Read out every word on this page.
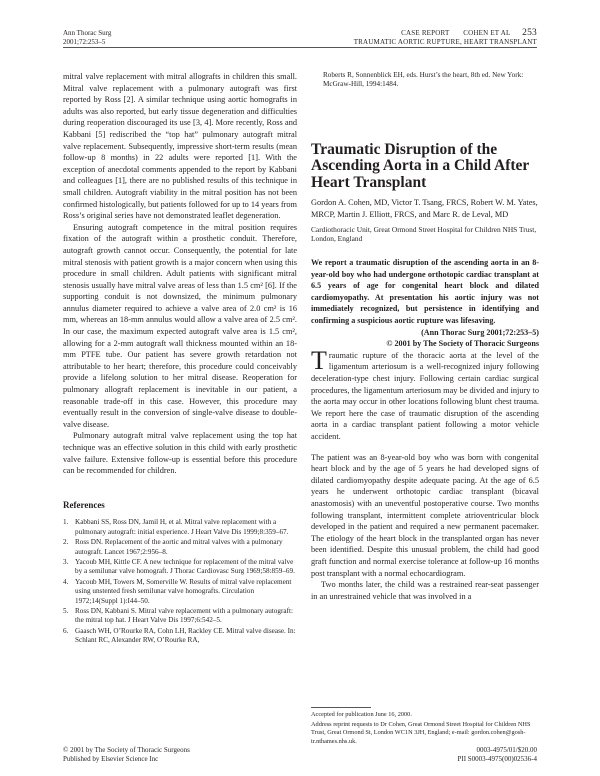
Ann Thorac Surg
2001;72:253–5
CASE REPORT COHEN ET AL 253
TRAUMATIC AORTIC RUPTURE, HEART TRANSPLANT

mitral valve replacement with mitral allografts in children this small. Mitral valve replacement with a pulmonary autograft was first reported by Ross [2]. A similar technique using aortic homografts in adults was also reported, but early tissue degeneration and difficulties during reoperation discouraged its use [3, 4]. More recently, Ross and Kabbani [5] rediscribed the “top hat” pulmonary autograft mitral valve replacement. Subsequently, impressive short-term results (mean follow-up 8 months) in 22 adults were reported [1]. With the exception of anecdotal comments appended to the report by Kabbani and colleagues [1], there are no published results of this technique in small children. Autograft viability in the mitral position has not been confirmed histologically, but patients followed for up to 14 years from Ross’s original series have not demonstrated leaflet degeneration.

Ensuring autograft competence in the mitral position requires fixation of the autograft within a prosthetic conduit. Therefore, autograft growth cannot occur. Consequently, the potential for late mitral stenosis with patient growth is a major concern when using this procedure in small children. Adult patients with significant mitral stenosis usually have mitral valve areas of less than 1.5 cm² [6]. If the supporting conduit is not downsized, the minimum pulmonary annulus diameter required to achieve a valve area of 2.0 cm² is 16 mm, whereas an 18-mm annulus would allow a valve area of 2.5 cm². In our case, the maximum expected autograft valve area is 1.5 cm², allowing for a 2-mm autograft wall thickness mounted within an 18-mm PTFE tube. Our patient has severe growth retardation not attributable to her heart; therefore, this procedure could conceivably provide a lifelong solution to her mitral disease. Reoperation for pulmonary allograft replacement is inevitable in our patient, a reasonable trade-off in this case. However, this procedure may eventually result in the conversion of single-valve disease to double-valve disease.

Pulmonary autograft mitral valve replacement using the top hat technique was an effective solution in this child with early prosthetic valve failure. Extensive follow-up is essential before this procedure can be recommended for children.

References
1. Kabbani SS, Ross DN, Jamil H, et al. Mitral valve replacement with a pulmonary autograft: initial experience. J Heart Valve Dis 1999;8:359–67.
2. Ross DN. Replacement of the aortic and mitral valves with a pulmonary autograft. Lancet 1967;2:956–8.
3. Yacoub MH, Kittle CF. A new technique for replacement of the mitral valve by a semilunar valve homograft. J Thorac Cardiovasc Surg 1969;58:859–69.
4. Yacoub MH, Towers M, Somerville W. Results of mitral valve replacement using unstented fresh semilunar valve homografts. Circulation 1972;14(Suppl 1):I44–50.
5. Ross DN, Kabbani S. Mitral valve replacement with a pulmonary autograft: the mitral top hat. J Heart Valve Dis 1997;6:542–5.
6. Gaasch WH, O’Rourke RA, Cohn LH, Rackley CE. Mitral valve disease. In: Schlant RC, Alexander RW, O’Rourke RA,
Roberts R, Sonnenblick EH, eds. Hurst’s the heart, 8th ed. New York: McGraw-Hill, 1994:1484.
Traumatic Disruption of the Ascending Aorta in a Child After Heart Transplant
Gordon A. Cohen, MD, Victor T. Tsang, FRCS, Robert W. M. Yates, MRCP, Martin J. Elliott, FRCS, and Marc R. de Leval, MD
Cardiothoracic Unit, Great Ormond Street Hospital for Children NHS Trust, London, England
We report a traumatic disruption of the ascending aorta in an 8-year-old boy who had undergone orthotopic cardiac transplant at 6.5 years of age for congenital heart block and dilated cardiomyopathy. At presentation his aortic injury was not immediately recognized, but persistence in identifying and confirming a suspicious aortic rupture was lifesaving.
(Ann Thorac Surg 2001;72:253–5)
© 2001 by The Society of Thoracic Surgeons

Traumatic rupture of the thoracic aorta at the level of the ligamentum arteriosum is a well-recognized injury following deceleration-type chest injury. Following certain cardiac surgical procedures, the ligamentum arteriosum may be divided and injury to the aorta may occur in other locations following blunt chest trauma. We report here the case of traumatic disruption of the ascending aorta in a cardiac transplant patient following a motor vehicle accident.

The patient was an 8-year-old boy who was born with congenital heart block and by the age of 5 years he had developed signs of dilated cardiomyopathy despite adequate pacing. At the age of 6.5 years he underwent orthotopic cardiac transplant (bicaval anastomosis) with an uneventful postoperative course. Two months following transplant, intermittent complete atrioventricular block developed in the patient and required a new permanent pacemaker. The etiology of the heart block in the transplanted organ has never been identified. Despite this unusual problem, the child had good graft function and normal exercise tolerance at follow-up 16 months post transplant with a normal echocardiogram.

Two months later, the child was a restrained rear-seat passenger in an unrestrained vehicle that was involved in a

Accepted for publication June 16, 2000.
Address reprint requests to Dr Cohen, Great Ormond Street Hospital for Children NHS Trust, Great Ormond St, London WC1N 3JH, England; e-mail: gordon.cohen@gosh-tr.nthames.nhs.uk.
© 2001 by The Society of Thoracic Surgeons
Published by Elsevier Science Inc
0003-4975/01/$20.00
PII S0003-4975(00)02536-4
